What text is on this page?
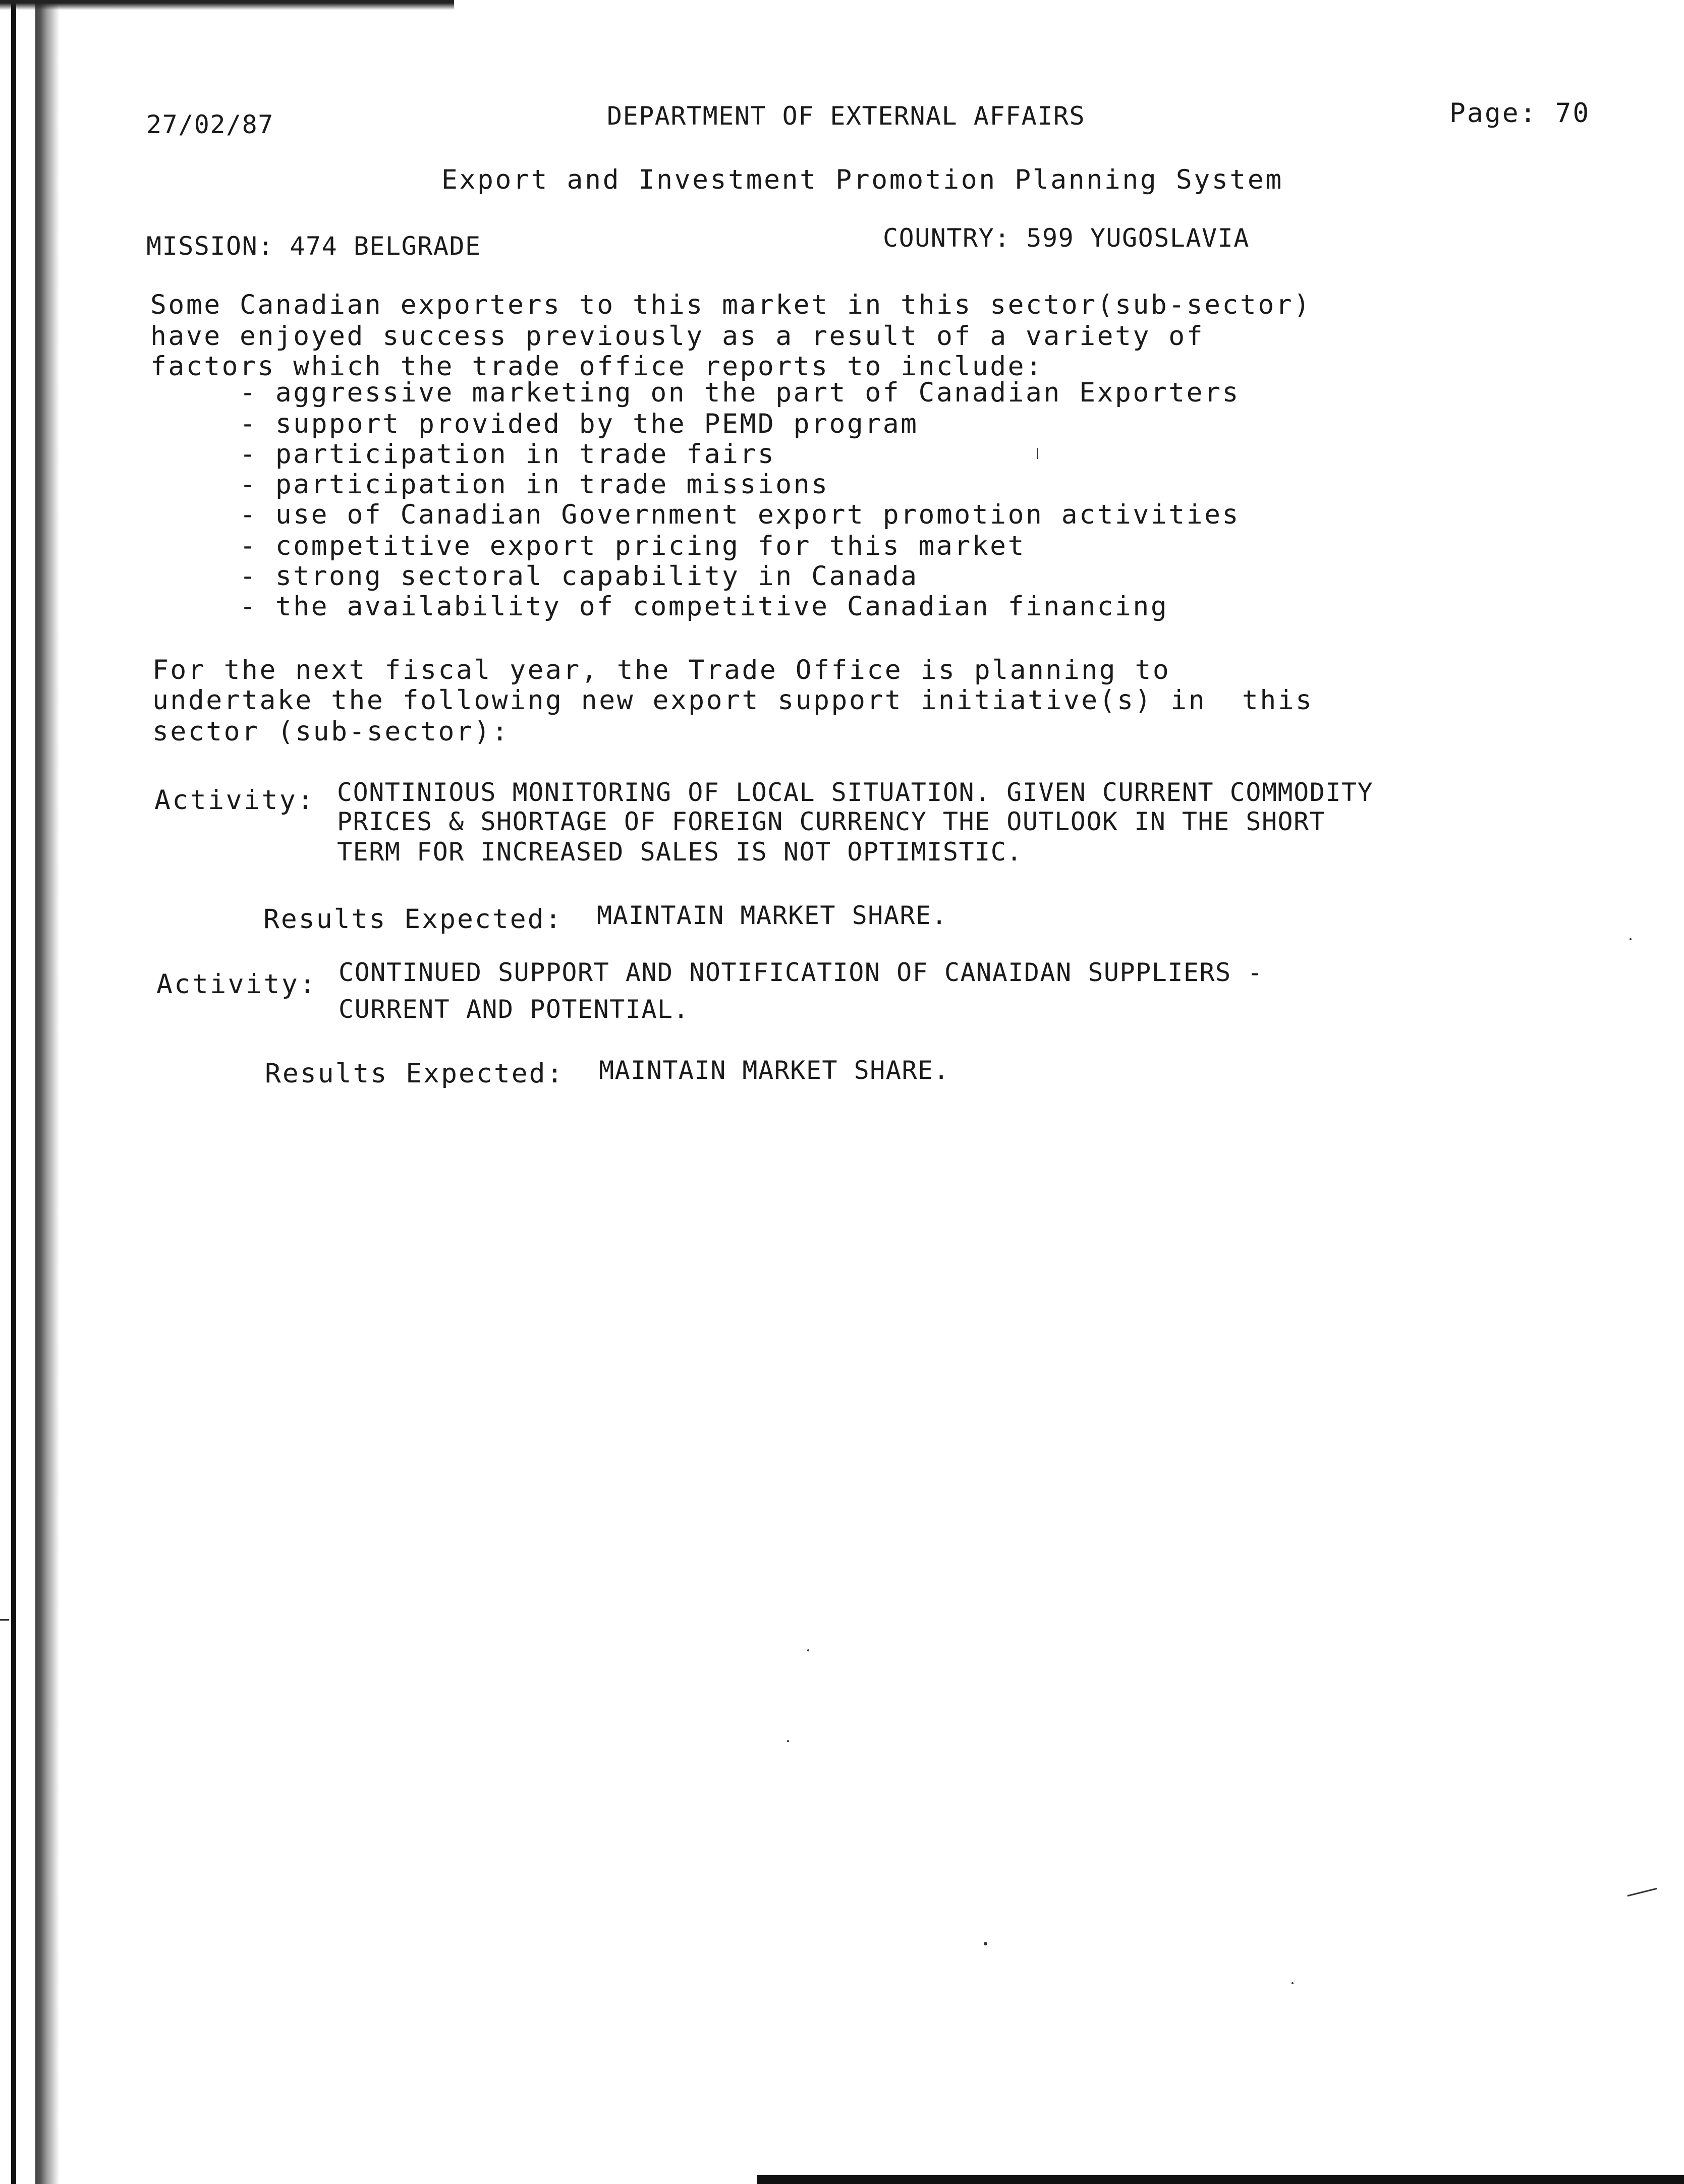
27/02/87	DEPARTMENT OF EXTERNAL AFFAIRS	Page: 70
Export and Investment Promotion Planning System
MISSION: 474 BELGRADE	COUNTRY: 599 YUGOSLAVIA
Some Canadian exporters to this market in this sector(sub-sector)
have enjoyed success previously as a result of a variety of
factors which the trade office reports to include:
- aggressive marketing on the part of Canadian Exporters
- support provided by the PEMD program
- participation in trade fairs
- participation in trade missions
- use of Canadian Government export promotion activities
- competitive export pricing for this market
- strong sectoral capability in Canada
- the availability of competitive Canadian financing
For the next fiscal year, the Trade Office is planning to
undertake the following new export support initiative(s) in  this
sector (sub-sector):
Activity: CONTINIOUS MONITORING OF LOCAL SITUATION. GIVEN CURRENT COMMODITY
PRICES & SHORTAGE OF FOREIGN CURRENCY THE OUTLOOK IN THE SHORT
TERM FOR INCREASED SALES IS NOT OPTIMISTIC.
Results Expected: MAINTAIN MARKET SHARE.
Activity: CONTINUED SUPPORT AND NOTIFICATION OF CANAIDAN SUPPLIERS -
CURRENT AND POTENTIAL.
Results Expected: MAINTAIN MARKET SHARE.
